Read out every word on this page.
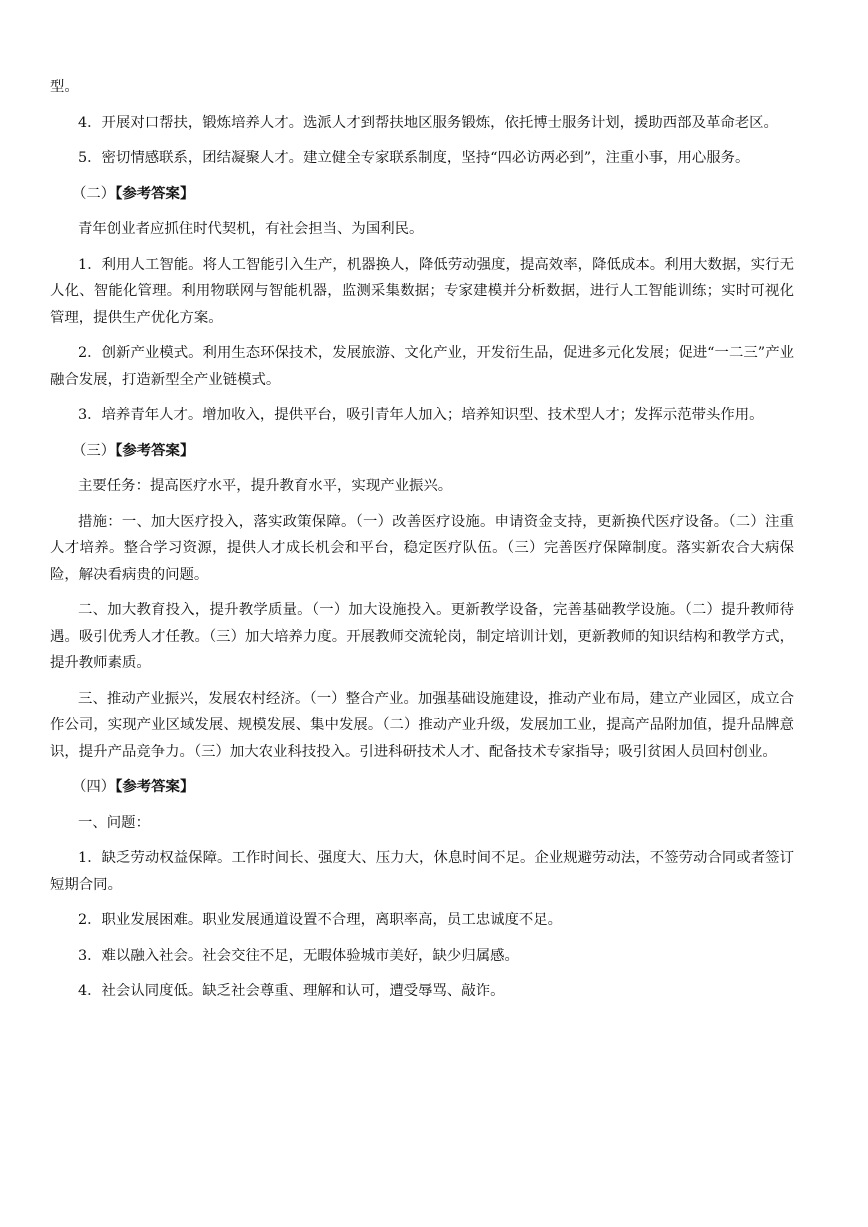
型。

4．开展对口帮扶，锻炼培养人才。选派人才到帮扶地区服务锻炼，依托博士服务计划，援助西部及革命老区。

5．密切情感联系，团结凝聚人才。建立健全专家联系制度，坚持“四必访两必到”，注重小事，用心服务。

（二）【参考答案】

青年创业者应抓住时代契机，有社会担当、为国利民。

1．利用人工智能。将人工智能引入生产，机器换人，降低劳动强度，提高效率，降低成本。利用大数据，实行无人化、智能化管理。利用物联网与智能机器，监测采集数据；专家建模并分析数据，进行人工智能训练；实时可视化管理，提供生产优化方案。

2．创新产业模式。利用生态环保技术，发展旅游、文化产业，开发衍生品，促进多元化发展；促进“一二三”产业融合发展，打造新型全产业链模式。

3．培养青年人才。增加收入，提供平台，吸引青年人加入；培养知识型、技术型人才；发挥示范带头作用。

（三）【参考答案】

主要任务：提高医疗水平，提升教育水平，实现产业振兴。

措施：一、加大医疗投入，落实政策保障。（一）改善医疗设施。申请资金支持，更新换代医疗设备。（二）注重人才培养。整合学习资源，提供人才成长机会和平台，稳定医疗队伍。（三）完善医疗保障制度。落实新农合大病保险，解决看病贵的问题。

二、加大教育投入，提升教学质量。（一）加大设施投入。更新教学设备，完善基础教学设施。（二）提升教师待遇。吸引优秀人才任教。（三）加大培养力度。开展教师交流轮岗，制定培训计划，更新教师的知识结构和教学方式，提升教师素质。

三、推动产业振兴，发展农村经济。（一）整合产业。加强基础设施建设，推动产业布局，建立产业园区，成立合作公司，实现产业区域发展、规模发展、集中发展。（二）推动产业升级，发展加工业，提高产品附加值，提升品牌意识，提升产品竞争力。（三）加大农业科技投入。引进科研技术人才、配备技术专家指导；吸引贫困人员回村创业。

（四）【参考答案】

一、问题：

1．缺乏劳动权益保障。工作时间长、强度大、压力大，休息时间不足。企业规避劳动法，不签劳动合同或者签订短期合同。

2．职业发展困难。职业发展通道设置不合理，离职率高，员工忠诚度不足。

3．难以融入社会。社会交往不足，无暇体验城市美好，缺少归属感。

4．社会认同度低。缺乏社会尊重、理解和认可，遭受辱骂、敲诈。
